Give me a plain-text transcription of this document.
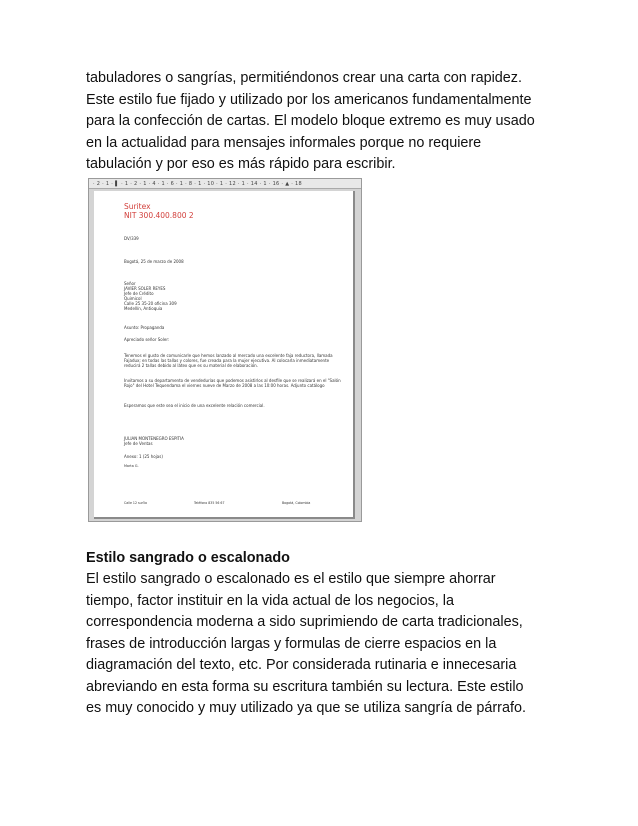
tabuladores o sangrías, permitiéndonos crear una carta con rapidez.
Este estilo fue fijado y utilizado por los americanos fundamentalmente
para la confección de cartas. El modelo bloque extremo es muy usado
en la actualidad para mensajes informales porque no requiere
tabulación y por eso es más rápido para escribir.

· 2 · 1 · ▌ · 1 · 2 · 1 · 4 · 1 · 6 · 1 · 8 · 1 · 10 · 1 · 12 · 1 · 14 · 1 · 16 · ▲ · 18
Suritex
NIT 300.400.800 2
DV/339
Bogotá, 25 de marzo de 2008
Señor
JAVIER SOLER REYES
Jefe de Crédito
Quimicol
Calle 25 35-20 oficina 309
Medellín, Antioquia
Asunto: Propaganda
Apreciado señor Soler:
Tenemos el gusto de comunicarle que hemos lanzado al mercado una excelente faja reductora, llamada Fajadux; en todas las tallas y colores, fue creada para la mujer ejecutiva. Al colocarla inmediatamente reducirá 2 tallas debido al látex que es su material de elaboración.
Invitamos a su departamento de vendedurías que podemos asistirlos al desfile que se realizará en el "Salón Rojo" del Hotel Tequendama el viernes nueve de Marzo de 2008 a las 10:00 horas. Adjunto catálogo
Esperamos que este sea el inicio de una excelente relación comercial.
JULIAN MONTENEGRO ESPITIA
Jefe de Ventas
Anexo: 1 (25 hojas)
Marta G.
Calle 12 sur5a	Teléfono 835 56 67	Bogotá, Colombia
Estilo sangrado o escalonado

El estilo sangrado o escalonado es el estilo que siempre ahorrar
tiempo, factor instituir en la vida actual de los negocios, la
correspondencia moderna a sido suprimiendo de carta tradicionales,
frases de introducción largas y formulas de cierre espacios en la
diagramación del texto, etc. Por considerada rutinaria e innecesaria
abreviando en esta forma su escritura también su lectura. Este estilo
es muy conocido y muy utilizado ya que se utiliza sangría de párrafo.
